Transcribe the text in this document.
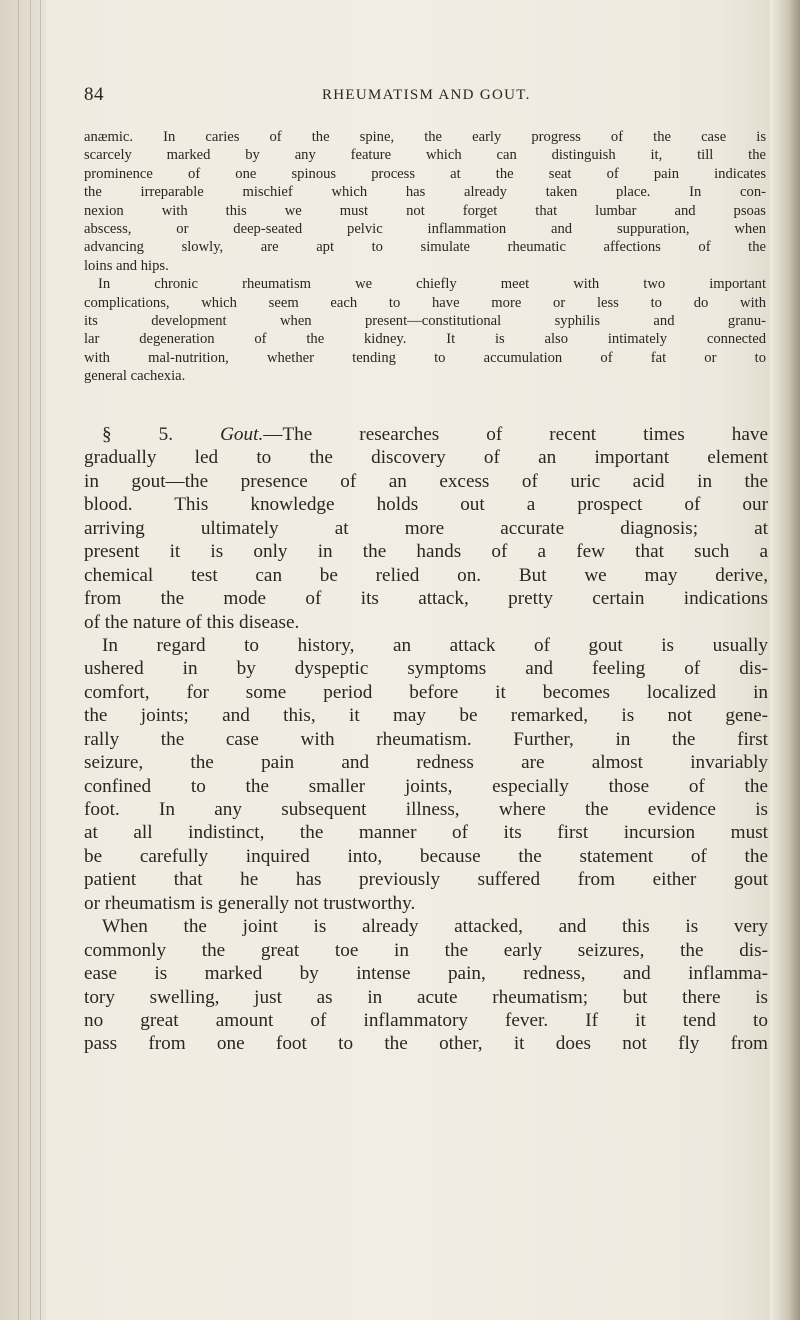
84	RHEUMATISM AND GOUT.
anæmic. In caries of the spine, the early progress of the case is
scarcely marked by any feature which can distinguish it, till the
prominence of one spinous process at the seat of pain indicates
the irreparable mischief which has already taken place. In con-
nexion with this we must not forget that lumbar and psoas
abscess, or deep-seated pelvic inflammation and suppuration, when
advancing slowly, are apt to simulate rheumatic affections of the
loins and hips.
In chronic rheumatism we chiefly meet with two important
complications, which seem each to have more or less to do with
its development when present—constitutional syphilis and granu-
lar degeneration of the kidney. It is also intimately connected
with mal-nutrition, whether tending to accumulation of fat or to
general cachexia.
§ 5. Gout.—The researches of recent times have
gradually led to the discovery of an important element
in gout—the presence of an excess of uric acid in the
blood. This knowledge holds out a prospect of our
arriving ultimately at more accurate diagnosis; at
present it is only in the hands of a few that such a
chemical test can be relied on. But we may derive,
from the mode of its attack, pretty certain indications
of the nature of this disease.
In regard to history, an attack of gout is usually
ushered in by dyspeptic symptoms and feeling of dis-
comfort, for some period before it becomes localized in
the joints; and this, it may be remarked, is not gene-
rally the case with rheumatism. Further, in the first
seizure, the pain and redness are almost invariably
confined to the smaller joints, especially those of the
foot. In any subsequent illness, where the evidence is
at all indistinct, the manner of its first incursion must
be carefully inquired into, because the statement of the
patient that he has previously suffered from either gout
or rheumatism is generally not trustworthy.
When the joint is already attacked, and this is very
commonly the great toe in the early seizures, the dis-
ease is marked by intense pain, redness, and inflamma-
tory swelling, just as in acute rheumatism; but there is
no great amount of inflammatory fever. If it tend to
pass from one foot to the other, it does not fly from
